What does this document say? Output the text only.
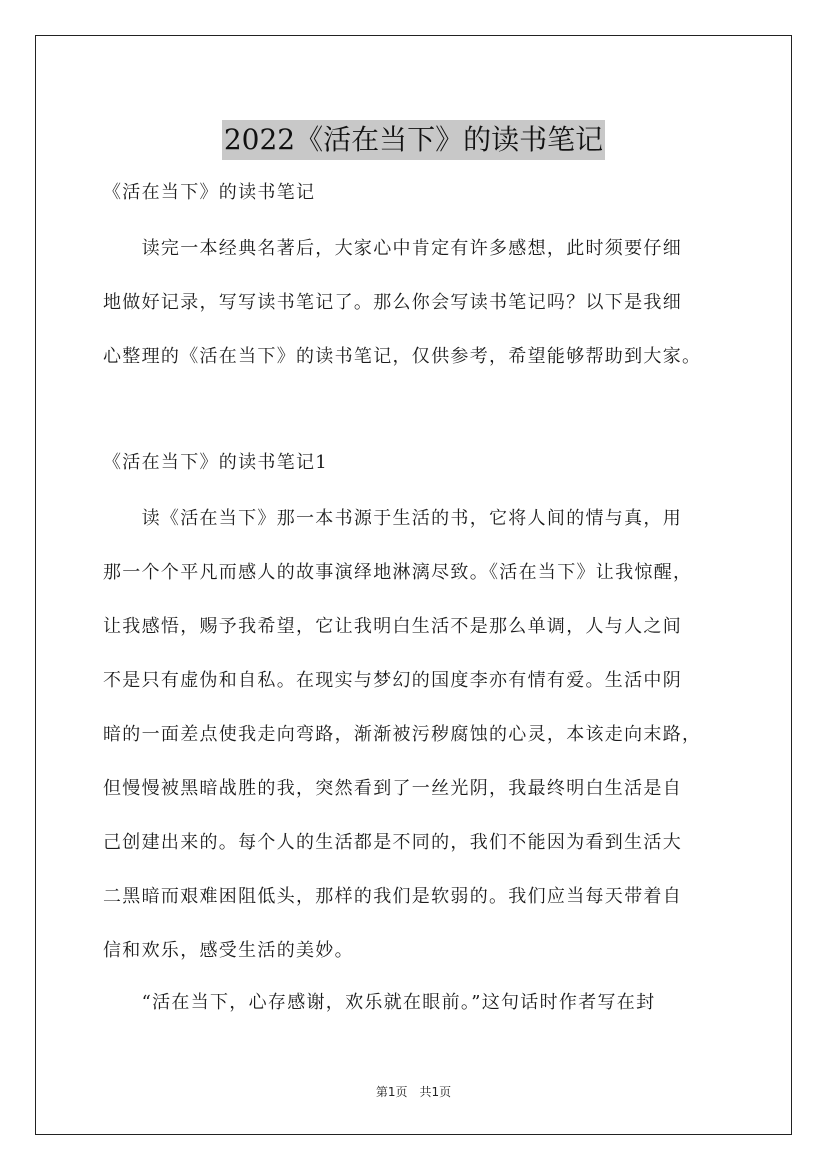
2022《活在当下》的读书笔记
《活在当下》的读书笔记
　　读完一本经典名著后，大家心中肯定有许多感想，此时须要仔细
地做好记录，写写读书笔记了。那么你会写读书笔记吗？以下是我细
心整理的《活在当下》的读书笔记，仅供参考，希望能够帮助到大家。
《活在当下》的读书笔记1
　　读《活在当下》那一本书源于生活的书，它将人间的情与真，用
那一个个平凡而感人的故事演绎地淋漓尽致。《活在当下》让我惊醒，
让我感悟，赐予我希望，它让我明白生活不是那么单调，人与人之间
不是只有虚伪和自私。在现实与梦幻的国度李亦有情有爱。生活中阴
暗的一面差点使我走向弯路，渐渐被污秽腐蚀的心灵，本该走向末路，
但慢慢被黑暗战胜的我，突然看到了一丝光阴，我最终明白生活是自
己创建出来的。每个人的生活都是不同的，我们不能因为看到生活大
二黑暗而艰难困阻低头，那样的我们是软弱的。我们应当每天带着自
信和欢乐，感受生活的美妙。
　　“活在当下，心存感谢，欢乐就在眼前。”这句话时作者写在封
第1页　共1页
